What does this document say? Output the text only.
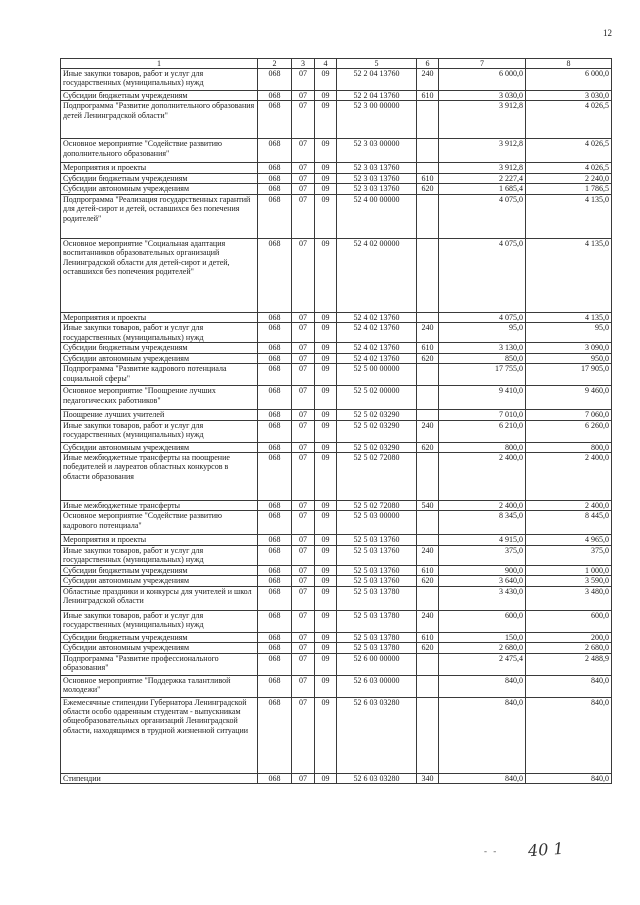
12
1	2	3	4	5	6	7	8
Иные закупки товаров, работ и услуг для государственных (муниципальных) нужд	068	07	09	52 2 04 13760	240	6 000,0	6 000,0
Субсидии бюджетным учреждениям	068	07	09	52 2 04 13760	610	3 030,0	3 030,0
Подпрограмма "Развитие дополнительного образования детей Ленинградской области"	068	07	09	52 3 00 00000		3 912,8	4 026,5
Основное мероприятие "Содействие развитию дополнительного образования"	068	07	09	52 3 03 00000		3 912,8	4 026,5
Мероприятия и проекты	068	07	09	52 3 03 13760		3 912,8	4 026,5
Субсидии бюджетным учреждениям	068	07	09	52 3 03 13760	610	2 227,4	2 240,0
Субсидии автономным учреждениям	068	07	09	52 3 03 13760	620	1 685,4	1 786,5
Подпрограмма "Реализация государственных гарантий для детей-сирот и детей, оставшихся без попечения родителей"	068	07	09	52 4 00 00000		4 075,0	4 135,0
Основное мероприятие "Социальная адаптация воспитанников образовательных организаций Ленинградской области для детей-сирот и детей, оставшихся без попечения родителей"	068	07	09	52 4 02 00000		4 075,0	4 135,0
Мероприятия и проекты	068	07	09	52 4 02 13760		4 075,0	4 135,0
Иные закупки товаров, работ и услуг для государственных (муниципальных) нужд	068	07	09	52 4 02 13760	240	95,0	95,0
Субсидии бюджетным учреждениям	068	07	09	52 4 02 13760	610	3 130,0	3 090,0
Субсидии автономным учреждениям	068	07	09	52 4 02 13760	620	850,0	950,0
Подпрограмма "Развитие кадрового потенциала социальной сферы"	068	07	09	52 5 00 00000		17 755,0	17 905,0
Основное мероприятие "Поощрение лучших педагогических работников"	068	07	09	52 5 02 00000		9 410,0	9 460,0
Поощрение лучших учителей	068	07	09	52 5 02 03290		7 010,0	7 060,0
Иные закупки товаров, работ и услуг для государственных (муниципальных) нужд	068	07	09	52 5 02 03290	240	6 210,0	6 260,0
Субсидии автономным учреждениям	068	07	09	52 5 02 03290	620	800,0	800,0
Иные межбюджетные трансферты на поощрение победителей и лауреатов областных конкурсов в области образования	068	07	09	52 5 02 72080		2 400,0	2 400,0
Иные межбюджетные трансферты	068	07	09	52 5 02 72080	540	2 400,0	2 400,0
Основное мероприятие "Содействие развитию кадрового потенциала"	068	07	09	52 5 03 00000		8 345,0	8 445,0
Мероприятия и проекты	068	07	09	52 5 03 13760		4 915,0	4 965,0
Иные закупки товаров, работ и услуг для государственных (муниципальных) нужд	068	07	09	52 5 03 13760	240	375,0	375,0
Субсидии бюджетным учреждениям	068	07	09	52 5 03 13760	610	900,0	1 000,0
Субсидии автономным учреждениям	068	07	09	52 5 03 13760	620	3 640,0	3 590,0
Областные праздники и конкурсы для учителей и школ Ленинградской области	068	07	09	52 5 03 13780		3 430,0	3 480,0
Иные закупки товаров, работ и услуг для государственных (муниципальных) нужд	068	07	09	52 5 03 13780	240	600,0	600,0
Субсидии бюджетным учреждениям	068	07	09	52 5 03 13780	610	150,0	200,0
Субсидии автономным учреждениям	068	07	09	52 5 03 13780	620	2 680,0	2 680,0
Подпрограмма "Развитие профессионального образования"	068	07	09	52 6 00 00000		2 475,4	2 488,9
Основное мероприятие "Поддержка талантливой молодежи"	068	07	09	52 6 03 00000		840,0	840,0
Ежемесячные стипендии Губернатора Ленинградской области особо одаренным студентам - выпускникам общеобразовательных организаций Ленинградской области, находящимся в трудной жизненной ситуации	068	07	09	52 6 03 03280		840,0	840,0
Стипендии	068	07	09	52 6 03 03280	340	840,0	840,0
- - 40 1
